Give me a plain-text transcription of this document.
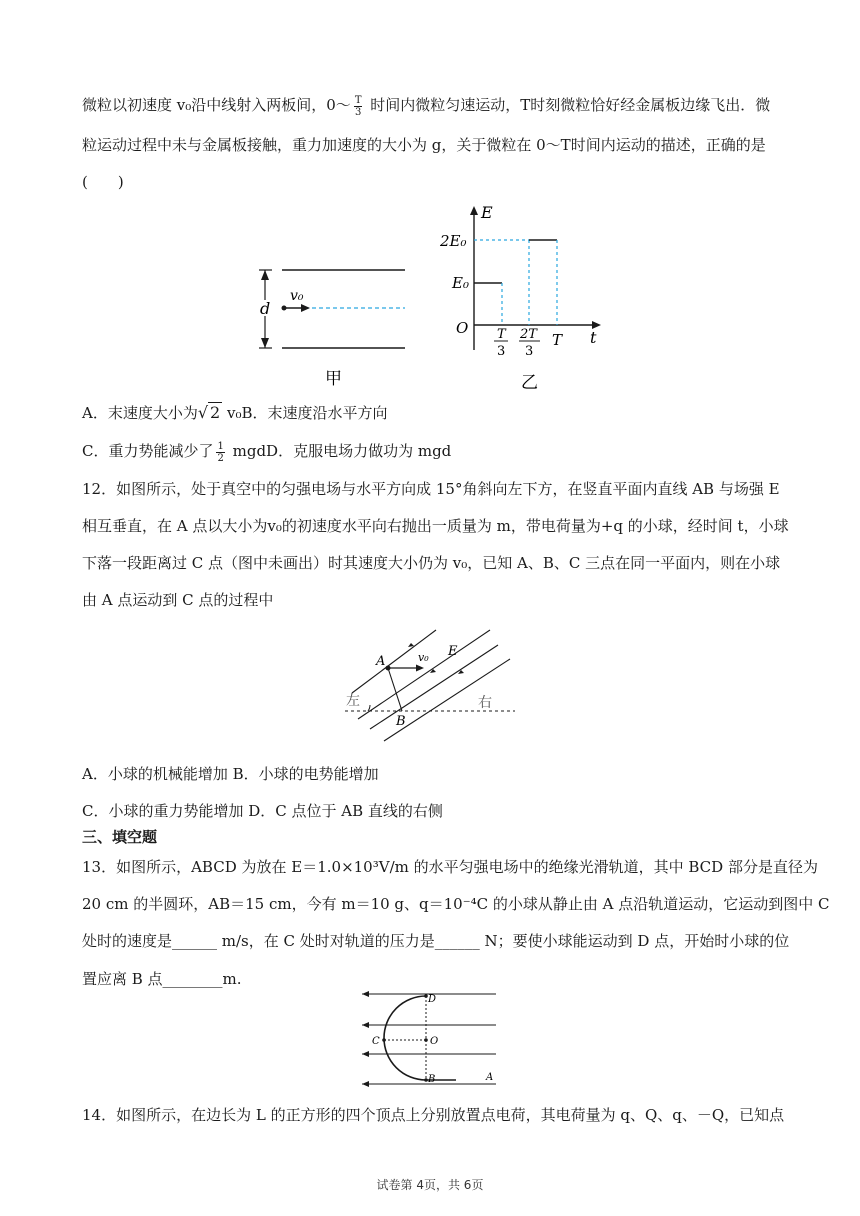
微粒以初速度 v₀沿中线射入两板间，0～ $\frac{T}{3}$ 时间内微粒匀速运动，T时刻微粒恰好经金属板边缘飞出．微
粒运动过程中未与金属板接触，重力加速度的大小为 g，关于微粒在 0～T时间内运动的描述，正确的是
(　　)
d
v₀
甲
E
t
O
2E₀
E₀
T
3
2T
3
T
乙
A．末速度大小为√ 2 v₀B．末速度沿水平方向
C．重力势能减少了 $\frac{1}{2}$ mgdD．克服电场力做功为 mgd
12．如图所示，处于真空中的匀强电场与水平方向成 15°角斜向左下方，在竖直平面内直线 AB 与场强 E
相互垂直，在 A 点以大小为v₀的初速度水平向右抛出一质量为 m，带电荷量为+q 的小球，经时间 t，小球
下落一段距离过 C 点（图中未画出）时其速度大小仍为 v₀，已知 A、B、C 三点在同一平面内，则在小球
由 A 点运动到 C 点的过程中
A
B
E
v₀
左	右
A．小球的机械能增加 B．小球的电势能增加
C．小球的重力势能增加 D．C 点位于 AB 直线的右侧
三、填空题
13．如图所示，ABCD 为放在 E＝1.0×10³V/m 的水平匀强电场中的绝缘光滑轨道，其中 BCD 部分是直径为
20 cm 的半圆环，AB＝15 cm，今有 m＝10 g、q＝10⁻⁴C 的小球从静止由 A 点沿轨道运动，它运动到图中 C
处时的速度是______ m/s，在 C 处时对轨道的压力是______ N；要使小球能运动到 D 点，开始时小球的位
置应离 B 点________m.
D
O
C
B	A
14．如图所示，在边长为 L 的正方形的四个顶点上分别放置点电荷，其电荷量为 q、Q、q、－Q，已知点
试卷第 4页，共 6页
